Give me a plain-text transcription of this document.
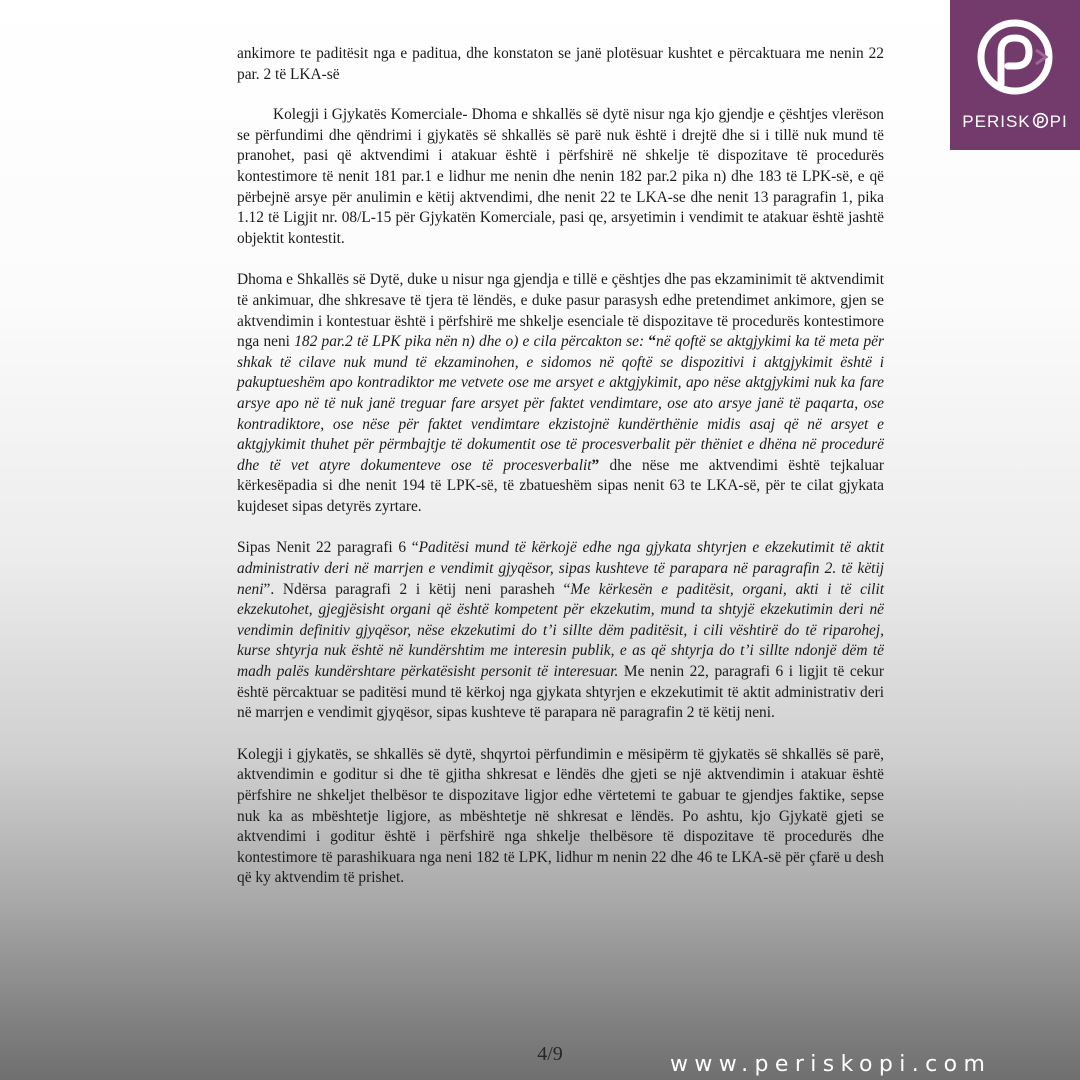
ankimore te paditësit nga e paditua, dhe konstaton se janë plotësuar kushtet e përcaktuara me nenin 22 par. 2 të LKA-së

Kolegji i Gjykatës Komerciale- Dhoma e shkallës së dytë nisur nga kjo gjendje e çështjes vlerëson se përfundimi dhe qëndrimi i gjykatës së shkallës së parë nuk është i drejtë dhe si i tillë nuk mund të pranohet, pasi që aktvendimi i atakuar është i përfshirë në shkelje të dispozitave të procedurës kontestimore të nenit 181 par.1 e lidhur me nenin dhe nenin 182 par.2 pika n) dhe 183 të LPK-së, e që përbejnë arsye për anulimin e këtij aktvendimi, dhe nenit 22 te LKA-se dhe nenit 13 paragrafin 1, pika 1.12 të Ligjit nr. 08/L-15 për Gjykatën Komerciale, pasi qe, arsyetimin i vendimit te atakuar është jashtë objektit kontestit.

Dhoma e Shkallës së Dytë, duke u nisur nga gjendja e tillë e çështjes dhe pas ekzaminimit të aktvendimit të ankimuar, dhe shkresave të tjera të lëndës, e duke pasur parasysh edhe pretendimet ankimore, gjen se aktvendimin i kontestuar është i përfshirë me shkelje esenciale të dispozitave të procedurës kontestimore nga neni 182 par.2 të LPK pika nën n) dhe o) e cila përcakton se: “në qoftë se aktgjykimi ka të meta për shkak të cilave nuk mund të ekzaminohen, e sidomos në qoftë se dispozitivi i aktgjykimit është i pakuptueshëm apo kontradiktor me vetvete ose me arsyet e aktgjykimit, apo nëse aktgjykimi nuk ka fare arsye apo në të nuk janë treguar fare arsyet për faktet vendimtare, ose ato arsye janë të paqarta, ose kontradiktore, ose nëse për faktet vendimtare ekzistojnë kundërthënie midis asaj që në arsyet e aktgjykimit thuhet për përmbajtje të dokumentit ose të procesverbalit për thëniet e dhëna në procedurë dhe të vet atyre dokumenteve ose të procesverbalit” dhe nëse me aktvendimi është tejkaluar kërkesëpadia si dhe nenit 194 të LPK-së, të zbatueshëm sipas nenit 63 te LKA-së, për te cilat gjykata kujdeset sipas detyrës zyrtare.

Sipas Nenit 22 paragrafi 6 “Paditësi mund të kërkojë edhe nga gjykata shtyrjen e ekzekutimit të aktit administrativ deri në marrjen e vendimit gjyqësor, sipas kushteve të parapara në paragrafin 2. të këtij neni”. Ndërsa paragrafi 2 i këtij neni parasheh “Me kërkesën e paditësit, organi, akti i të cilit ekzekutohet, gjegjësisht organi që është kompetent për ekzekutim, mund ta shtyjë ekzekutimin deri në vendimin definitiv gjyqësor, nëse ekzekutimi do t’i sillte dëm paditësit, i cili vështirë do të riparohej, kurse shtyrja nuk është në kundërshtim me interesin publik, e as që shtyrja do t’i sillte ndonjë dëm të madh palës kundërshtare përkatësisht personit të interesuar. Me nenin 22, paragrafi 6 i ligjit të cekur është përcaktuar se paditësi mund të kërkoj nga gjykata shtyrjen e ekzekutimit të aktit administrativ deri në marrjen e vendimit gjyqësor, sipas kushteve të parapara në paragrafin 2 të këtij neni.

Kolegji i gjykatës, se shkallës së dytë, shqyrtoi përfundimin e mësipërm të gjykatës së shkallës së parë, aktvendimin e goditur si dhe të gjitha shkresat e lëndës dhe gjeti se një aktvendimin i atakuar është përfshire ne shkeljet thelbësor te dispozitave ligjor edhe vërtetemi te gabuar te gjendjes faktike, sepse nuk ka as mbështetje ligjore, as mbështetje në shkresat e lëndës. Po ashtu, kjo Gjykatë gjeti se aktvendimi i goditur është i përfshirë nga shkelje thelbësore të dispozitave të procedurës dhe kontestimore të parashikuara nga neni 182 të LPK, lidhur m nenin 22 dhe 46 te LKA-së për çfarë u desh që ky aktvendim të prishet.

4/9
PERISK PI
www.periskopi.com
